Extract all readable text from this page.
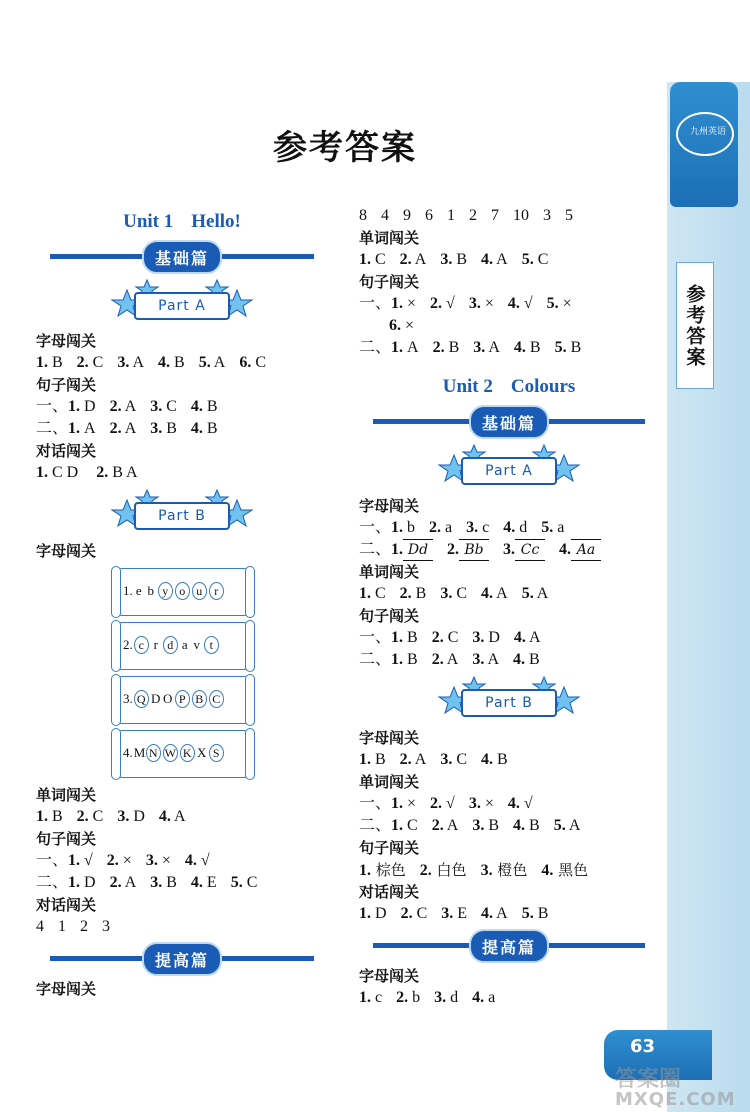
九州英语
参考答案
参考答案
Unit 1 Hello!
基础篇
Part A
字母闯关
1. B 2. C 3. A 4. B 5. A 6. C
句子闯关
一、1. D 2. A 3. C 4. B
二、1. A 2. A 3. B 4. B
对话闯关
1. C D 2. B A
Part B
字母闯关
1. e b y o u r
2. c r d a v t
3. Q D O P B C
4.M N W K X S
单词闯关
1. B 2. C 3. D 4. A
句子闯关
一、1. √ 2. × 3. × 4. √
二、1. D 2. A 3. B 4. E 5. C
对话闯关
4 1 2 3
提高篇
字母闯关
8 4 9 6 1 2 7 10 3 5
单词闯关
1. C 2. A 3. B 4. A 5. C
句子闯关
一、1. × 2. √ 3. × 4. √ 5. ×
6. ×
二、1. A 2. B 3. A 4. B 5. B
Unit 2 Colours
基础篇
Part A
字母闯关
一、1. b 2. a 3. c 4. d 5. a
二、1. Dd 2. Bb 3. Cc 4. Aa
单词闯关
1. C 2. B 3. C 4. A 5. A
句子闯关
一、1. B 2. C 3. D 4. A
二、1. B 2. A 3. A 4. B
Part B
字母闯关
1. B 2. A 3. C 4. B
单词闯关
一、1. × 2. √ 3. × 4. √
二、1. C 2. A 3. B 4. B 5. A
句子闯关
1. 棕色 2. 白色 3. 橙色 4. 黑色
对话闯关
1. D 2. C 3. E 4. A 5. B
提高篇
字母闯关
1. c 2. b 3. d 4. a
63
答案圈
MXQE.COM
